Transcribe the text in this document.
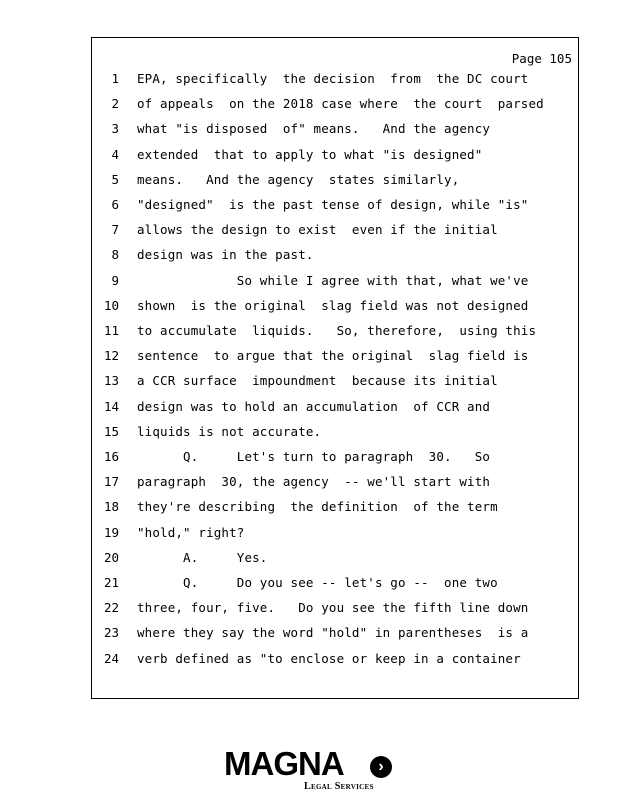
Page 105
1 EPA, specifically  the decision  from  the DC court
2 of appeals  on the 2018 case where  the court  parsed
3 what "is disposed  of" means.   And the agency
4 extended  that to apply to what "is designed"
5 means.   And the agency  states similarly,
6 "designed"  is the past tense of design, while "is"
7 allows the design to exist  even if the initial
8 design was in the past.
9 So while I agree with that, what we've
10 shown  is the original  slag field was not designed
11 to accumulate  liquids.   So, therefore,  using this
12 sentence  to argue that the original  slag field is
13 a CCR surface  impoundment  because its initial
14 design was to hold an accumulation  of CCR and
15 liquids is not accurate.
16 Q.     Let's turn to paragraph  30.   So
17 paragraph  30, the agency  -- we'll start with
18 they're describing  the definition  of the term
19 "hold," right?
20 A.     Yes.
21 Q.     Do you see -- let's go --  one two
22 three, four, five.   Do you see the fifth line down
23 where they say the word "hold" in parentheses  is a
24 verb defined as "to enclose or keep in a container
MAGNA	›
Legal Services
